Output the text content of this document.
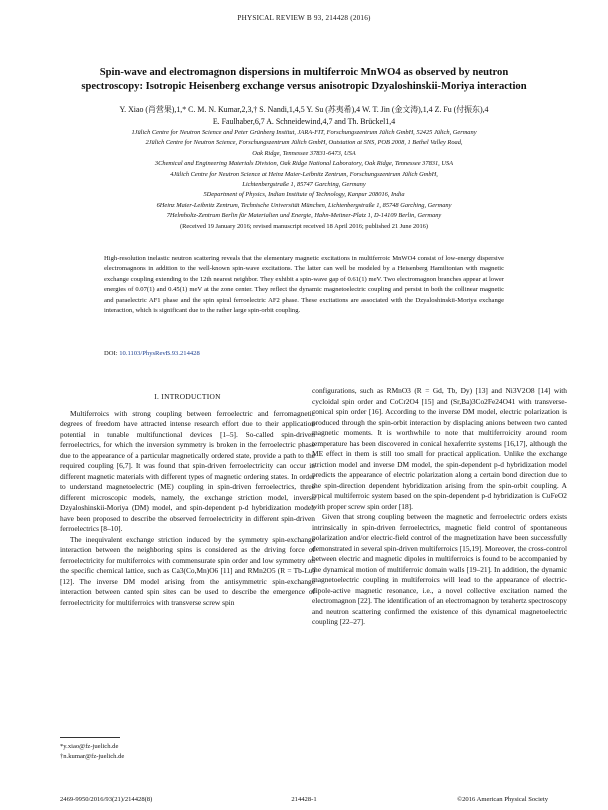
PHYSICAL REVIEW B 93, 214428 (2016)
Spin-wave and electromagnon dispersions in multiferroic MnWO4 as observed by neutron
spectroscopy: Isotropic Heisenberg exchange versus anisotropic Dzyaloshinskii-Moriya interaction
Y. Xiao (肖营果),1,* C. M. N. Kumar,2,3,† S. Nandi,1,4,5 Y. Su (苏夷希),4 W. T. Jin (金文涛),1,4 Z. Fu (付振东),4
E. Faulhaber,6,7 A. Schneidewind,4,7 and Th. Brückel1,4
1Jülich Centre for Neutron Science and Peter Grünberg Institut, JARA-FIT, Forschungszentrum Jülich GmbH, 52425 Jülich, Germany
2Jülich Centre for Neutron Science, Forschungszentrum Jülich GmbH, Outstation at SNS, POB 2008, 1 Bethel Valley Road,
Oak Ridge, Tennessee 37831-6473, USA
3Chemical and Engineering Materials Division, Oak Ridge National Laboratory, Oak Ridge, Tennessee 37831, USA
4Jülich Centre for Neutron Science at Heinz Maier-Leibnitz Zentrum, Forschungszentrum Jülich GmbH,
Lichtenbergstraße 1, 85747 Garching, Germany
5Department of Physics, Indian Institute of Technology, Kanpur 208016, India
6Heinz Maier-Leibnitz Zentrum, Technische Universität München, Lichtenbergstraße 1, 85748 Garching, Germany
7Helmholtz-Zentrum Berlin für Materialien und Energie, Hahn-Meitner-Platz 1, D-14109 Berlin, Germany
(Received 19 January 2016; revised manuscript received 18 April 2016; published 21 June 2016)
High-resolution inelastic neutron scattering reveals that the elementary magnetic excitations in multiferroic MnWO4 consist of low-energy dispersive electromagnons in addition to the well-known spin-wave excitations. The latter can well be modeled by a Heisenberg Hamiltonian with magnetic exchange coupling extending to the 12th nearest neighbor. They exhibit a spin-wave gap of 0.61(1) meV. Two electromagnon branches appear at lower energies of 0.07(1) and 0.45(1) meV at the zone center. They reflect the dynamic magnetoelectric coupling and persist in both the collinear magnetic and paraelectric AF1 phase and the spin spiral ferroelectric AF2 phase. These excitations are associated with the Dzyaloshinskii-Moriya exchange interaction, which is significant due to the rather large spin-orbit coupling.
DOI: 10.1103/PhysRevB.93.214428
I. INTRODUCTION

Multiferroics with strong coupling between ferroelectric and ferromagnetic degrees of freedom have attracted intense research effort due to their application potential in tunable multifunctional devices [1–5]. So-called spin-driven ferroelectrics, for which the inversion symmetry is broken in the ferroelectric phase due to the appearance of a particular magnetically ordered state, provide a path to the required coupling [6,7]. It was found that spin-driven ferroelectricity can occur in different magnetic materials with different types of magnetic ordering states. In order to understand magnetoelectric (ME) coupling in spin-driven ferroelectrics, three different microscopic models, namely, the exchange striction model, inverse Dzyaloshinskii-Moriya (DM) model, and spin-dependent p-d hybridization model, have been proposed to describe the observed ferroelectricity in different spin-driven ferroelectrics [8–10].

The inequivalent exchange striction induced by the symmetry spin-exchange interaction between the neighboring spins is considered as the driving force of ferroelectricity for multiferroics with commensurate spin order and low symmetry on the specific chemical lattice, such as Ca3(Co,Mn)O6 [11] and RMn2O5 (R = Tb-Lu) [12]. The inverse DM model arising from the antisymmetric spin-exchange interaction between canted spin sites can be used to describe the emergence of ferroelectricity for multiferroics with transverse screw spin

configurations, such as RMnO3 (R = Gd, Tb, Dy) [13] and Ni3V2O8 [14] with cycloidal spin order and CoCr2O4 [15] and (Sr,Ba)3Co2Fe24O41 with transverse-conical spin order [16]. According to the inverse DM model, electric polarization is produced through the spin-orbit interaction by displacing anions between two canted magnetic moments. It is worthwhile to note that multiferroicity around room temperature has been discovered in conical hexaferrite systems [16,17], although the ME effect in them is still too small for practical application. Unlike the exchange striction model and inverse DM model, the spin-dependent p-d hybridization model predicts the appearance of electric polarization along a certain bond direction due to the spin-direction dependent hybridization arising from the spin-orbit coupling. A typical multiferroic system based on the spin-dependent p-d hybridization is CuFeO2 with proper screw spin order [18].

Given that strong coupling between the magnetic and ferroelectric orders exists intrinsically in spin-driven ferroelectrics, magnetic field control of spontaneous polarization and/or electric-field control of the magnetization have been successfully demonstrated in several spin-driven multiferroics [15,19]. Moreover, the cross-control between electric and magnetic dipoles in multiferroics is found to be accompanied by the dynamical motion of multiferroic domain walls [19–21]. In addition, the dynamic magnetoelectric coupling in multiferroics will lead to the appearance of electric-dipole-active magnetic resonance, i.e., a novel collective excitation named the electromagnon [22]. The identification of an electromagnon by terahertz spectroscopy and neutron scattering confirmed the existence of this dynamical magnetoelectric coupling [22–27].

*y.xiao@fz-juelich.de
†n.kumar@fz-juelich.de
2469-9950/2016/93(21)/214428(8)	214428-1	©2016 American Physical Society
